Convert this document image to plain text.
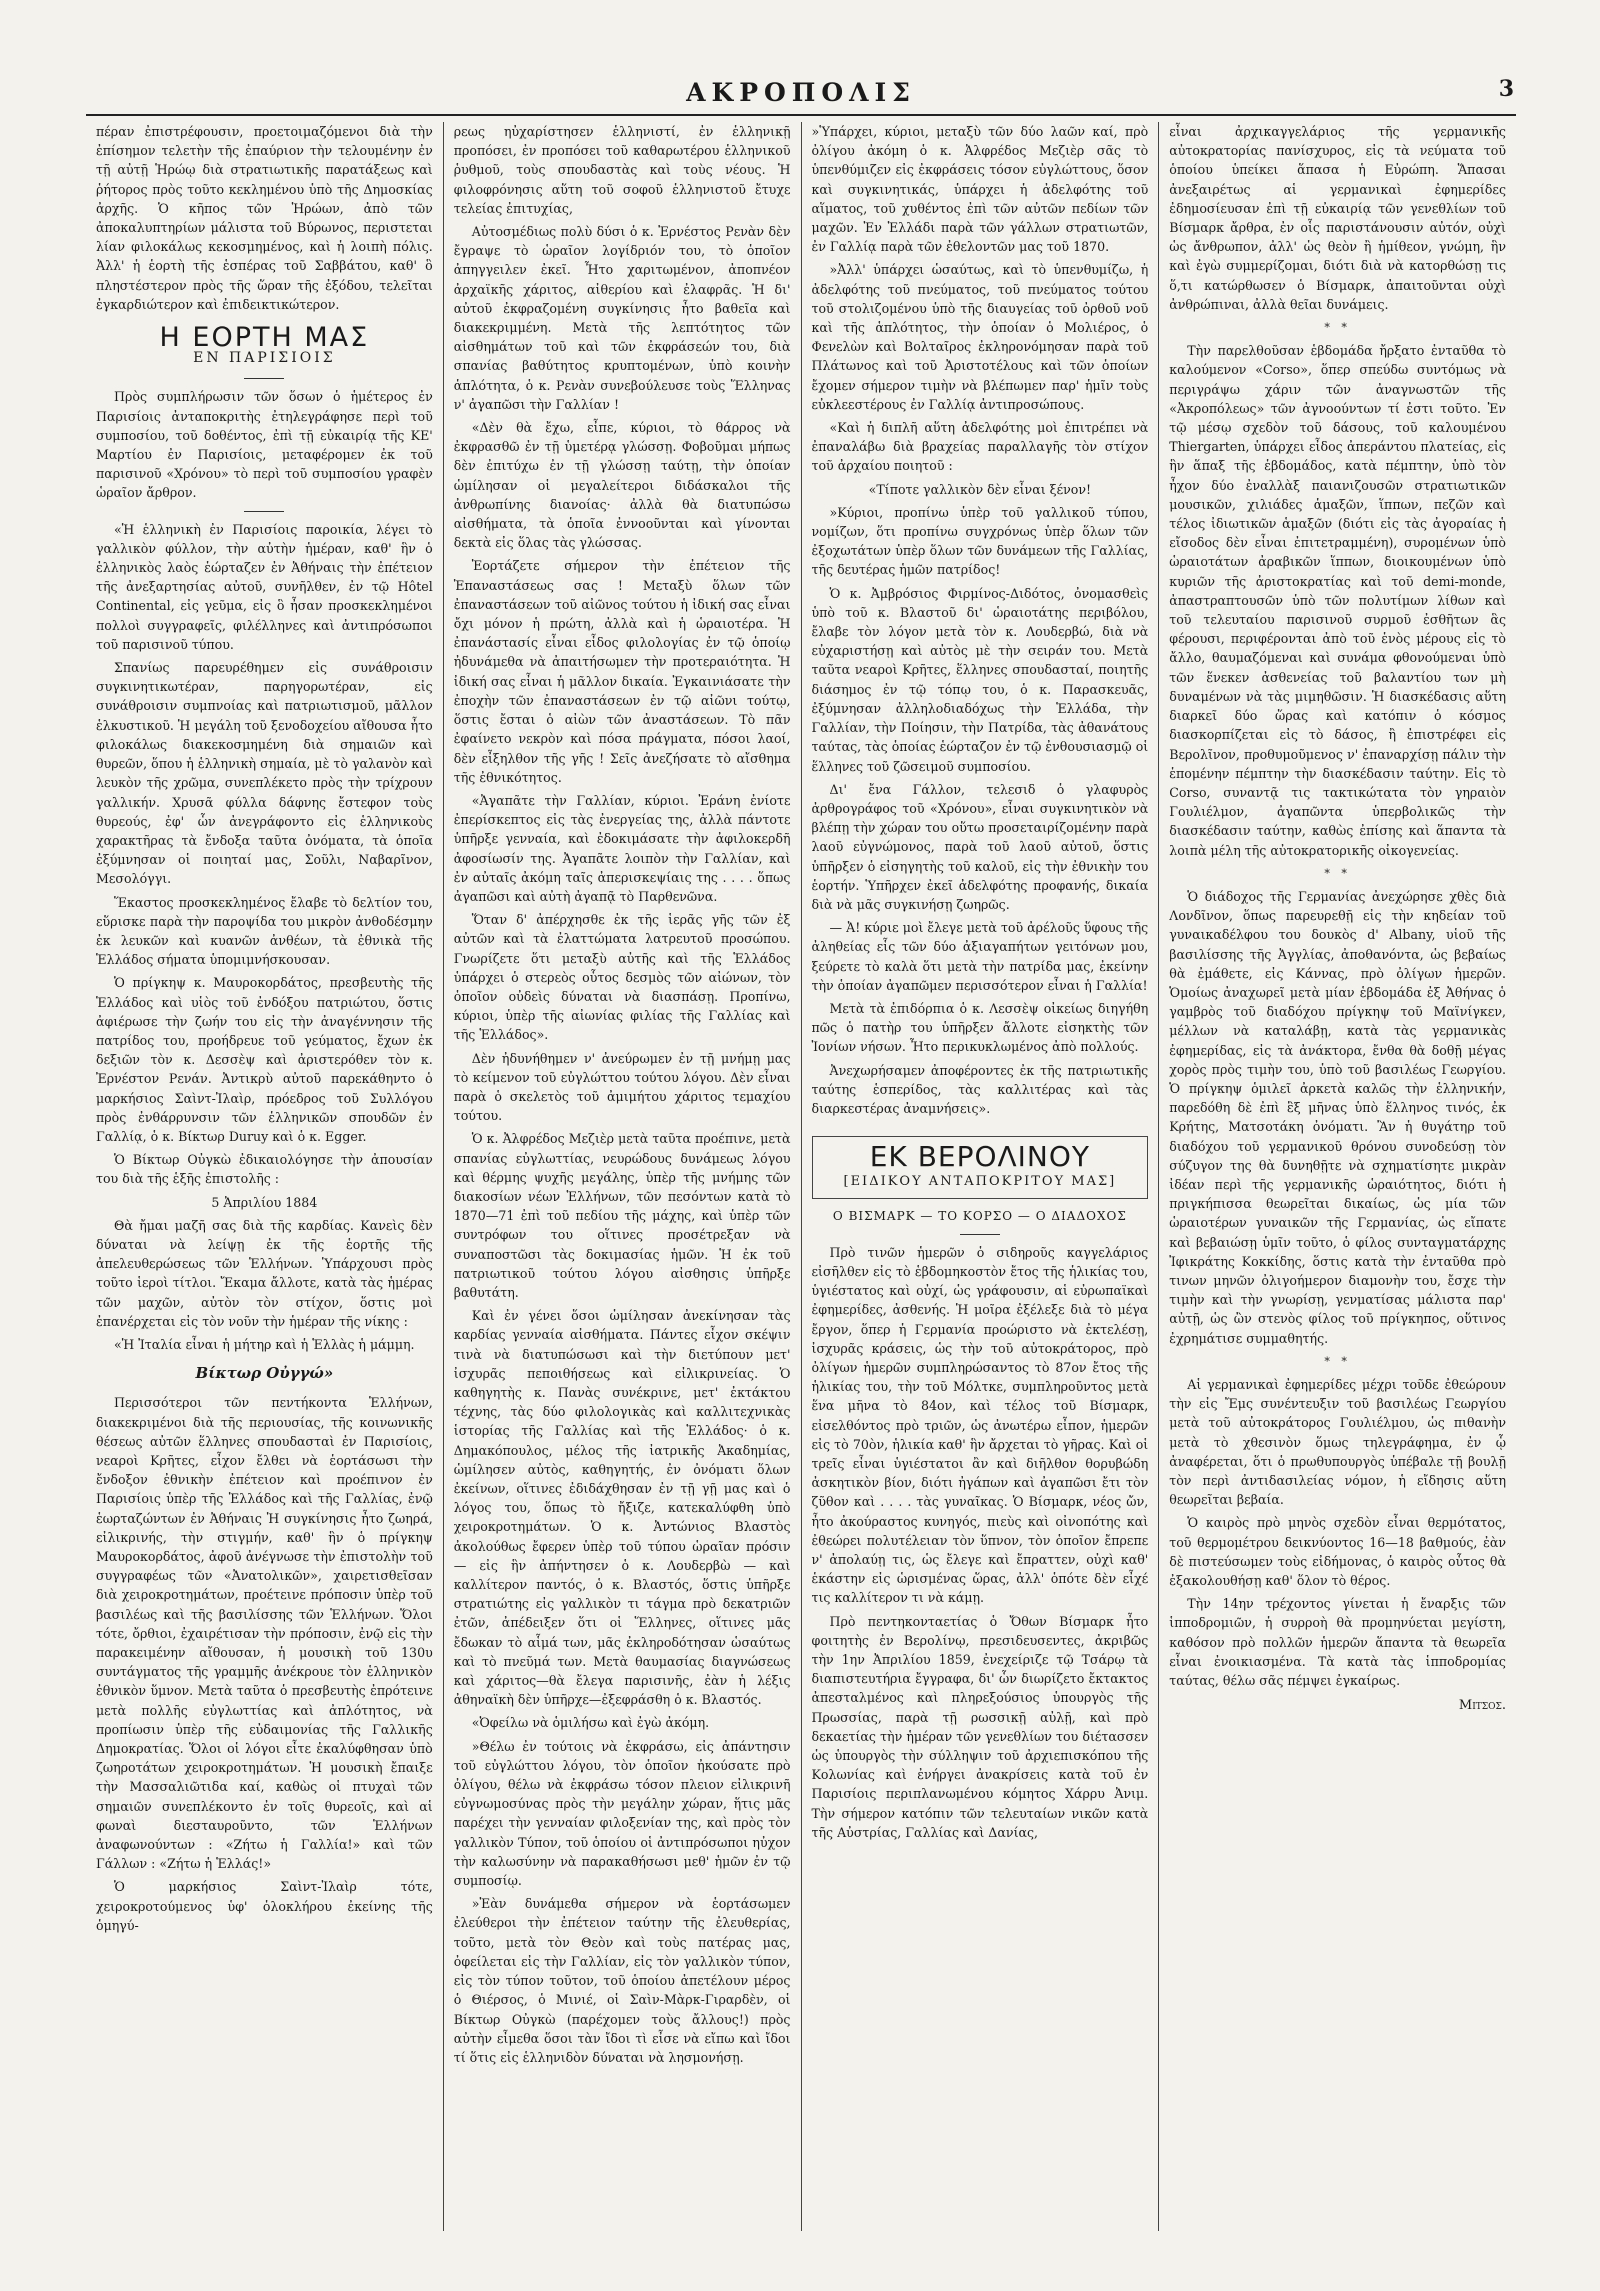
ΑΚΡΟΠΟΛΙΣ	3

πέραν ἐπιστρέφουσιν, προετοιμαζόμενοι διὰ τὴν ἐπίσημον τελετὴν τῆς ἐπαύριον τὴν τελουμένην ἐν τῇ αὐτῇ Ἡρώῳ διὰ στρατιωτικῆς παρατάξεως καὶ ῥήτορος πρὸς τοῦτο κεκλημένου ὑπὸ τῆς Δημοσκίας ἀρχῆς. Ὁ κῆπος τῶν Ἡρώων, ἀπὸ τῶν ἀποκαλυπτηρίων μάλιστα τοῦ Βύρωνος, περιστεται λίαν φιλοκάλως κεκοσμημένος, καὶ ἡ λοιπὴ πόλις. Ἀλλ' ἡ ἑορτὴ τῆς ἑσπέρας τοῦ Σαββάτου, καθ' ὃ πληστέστερον πρὸς τῆς ὥραν τῆς ἐξόδου, τελεῖται ἐγκαρδιώτερον καὶ ἐπιδεικτικώτερον.

Η ΕΟΡΤΗ ΜΑΣ
ΕΝ ΠΑΡΙΣΙΟΙΣ

Πρὸς συμπλήρωσιν τῶν ὅσων ὁ ἡμέτερος ἐν Παρισίοις ἀνταποκριτὴς ἐτηλεγράφησε περὶ τοῦ συμποσίου, τοῦ δοθέντος, ἐπὶ τῇ εὐκαιρίᾳ τῆς ΚΕ' Μαρτίου ἐν Παρισίοις, μεταφέρομεν ἐκ τοῦ παρισινοῦ «Χρόνου» τὸ περὶ τοῦ συμποσίου γραφὲν ὡραῖον ἄρθρον.

«Ἡ ἑλληνικὴ ἐν Παρισίοις παροικία, λέγει τὸ γαλλικὸν φύλλον, τὴν αὐτὴν ἡμέραν, καθ' ἣν ὁ ἑλληνικὸς λαὸς ἑώρταζεν ἐν Ἀθήναις τὴν ἐπέτειον τῆς ἀνεξαρτησίας αὐτοῦ, συνῆλθεν, ἐν τῷ Hôtel Continental, εἰς γεῦμα, εἰς ὃ ἦσαν προσκεκλημένοι πολλοὶ συγγραφεῖς, φιλέλληνες καὶ ἀντιπρόσωποι τοῦ παρισινοῦ τύπου.

Σπανίως παρευρέθημεν εἰς συνάθροισιν συγκινητικωτέραν, παρηγορωτέραν, εἰς συνάθροισιν συμπνοίας καὶ πατριωτισμοῦ, μᾶλλον ἑλκυστικοῦ. Ἡ μεγάλη τοῦ ξενοδοχείου αἴθουσα ἦτο φιλοκάλως διακεκοσμημένη διὰ σημαιῶν καὶ θυρεῶν, ὅπου ἡ ἑλληνικὴ σημαία, μὲ τὸ γαλανὸν καὶ λευκὸν τῆς χρῶμα, συνεπλέκετο πρὸς τὴν τρίχρουν γαλλικήν. Χρυσᾶ φύλλα δάφνης ἔστεφον τοὺς θυρεούς, ἐφ' ὧν ἀνεγράφοντο εἰς ἑλληνικοὺς χαρακτῆρας τὰ ἔνδοξα ταῦτα ὀνόματα, τὰ ὁποῖα ἐξύμνησαν οἱ ποιηταί μας, Σοῦλι, Ναβαρῖνον, Μεσολόγγι.

Ἕκαστος προσκεκλημένος ἔλαβε τὸ δελτίον του, εὕρισκε παρὰ τὴν παροψίδα του μικρὸν ἀνθοδέσμην ἐκ λευκῶν καὶ κυανῶν ἀνθέων, τὰ ἐθνικὰ τῆς Ἑλλάδος σήματα ὑπομιμνήσκουσαν.

Ὁ πρίγκηψ κ. Μαυροκορδάτος, πρεσβευτὴς τῆς Ἑλλάδος καὶ υἱὸς τοῦ ἐνδόξου πατριώτου, ὅστις ἀφιέρωσε τὴν ζωήν του εἰς τὴν ἀναγέννησιν τῆς πατρίδος του, προήδρευε τοῦ γεύματος, ἔχων ἐκ δεξιῶν τὸν κ. Δεσσὲψ καὶ ἀριστερόθεν τὸν κ. Ἐρνέστον Ρενάν. Ἀντικρὺ αὐτοῦ παρεκάθηντο ὁ μαρκήσιος Σαὶντ-Ἰλαὶρ, πρόεδρος τοῦ Συλλόγου πρὸς ἐνθάρρυνσιν τῶν ἑλληνικῶν σπουδῶν ἐν Γαλλίᾳ, ὁ κ. Βίκτωρ Duruy καὶ ὁ κ. Egger.

Ὁ Βίκτωρ Οὐγκὼ ἐδικαιολόγησε τὴν ἀπουσίαν του διὰ τῆς ἑξῆς ἐπιστολῆς :

5 Ἀπριλίου 1884

Θὰ ἤμαι μαζῆ σας διὰ τῆς καρδίας. Κανεὶς δὲν δύναται νὰ λείψῃ ἐκ τῆς ἑορτῆς τῆς ἀπελευθερώσεως τῶν Ἑλλήνων. Ὑπάρχουσι πρὸς τοῦτο ἱεροὶ τίτλοι. Ἔκαμα ἄλλοτε, κατὰ τὰς ἡμέρας τῶν μαχῶν, αὐτὸν τὸν στίχον, ὅστις μοὶ ἐπανέρχεται εἰς τὸν νοῦν τὴν ἡμέραν τῆς νίκης :

«Ἡ Ἰταλία εἶναι ἡ μήτηρ καὶ ἡ Ἑλλὰς ἡ μάμμη.

Βίκτωρ Οὐγγώ»

Περισσότεροι τῶν πεντήκοντα Ἑλλήνων, διακεκριμένοι διὰ τῆς περιουσίας, τῆς κοινωνικῆς θέσεως αὐτῶν ἕλληνες σπουδασταὶ ἐν Παρισίοις, νεαροὶ Κρῆτες, εἶχον ἔλθει νὰ ἑορτάσωσι τὴν ἔνδοξον ἐθνικὴν ἐπέτειον καὶ προέπινον ἐν Παρισίοις ὑπὲρ τῆς Ἑλλάδος καὶ τῆς Γαλλίας, ἐνῷ ἑωρταζώντων ἐν Ἀθήναις Ἡ συγκίνησις ἦτο ζωηρά, εἰλικρινής, τὴν στιγμήν, καθ' ἣν ὁ πρίγκηψ Μαυροκορδάτος, ἀφοῦ ἀνέγνωσε τὴν ἐπιστολὴν τοῦ συγγραφέως τῶν «Ἀνατολικῶν», χαιρετισθεῖσαν διὰ χειροκροτημάτων, προέτεινε πρόποσιν ὑπὲρ τοῦ βασιλέως καὶ τῆς βασιλίσσης τῶν Ἑλλήνων. Ὅλοι τότε, ὄρθιοι, ἐχαιρέτισαν τὴν πρόποσιν, ἐνῷ εἰς τὴν παρακειμένην αἴθουσαν, ἡ μουσικὴ τοῦ 130υ συντάγματος τῆς γραμμῆς ἀνέκρουε τὸν ἑλληνικὸν ἐθνικὸν ὕμνον. Μετὰ ταῦτα ὁ πρεσβευτὴς ἐπρότεινε μετὰ πολλῆς εὐγλωττίας καὶ ἀπλότητος, νὰ προπίωσιν ὑπὲρ τῆς εὐδαιμονίας τῆς Γαλλικῆς Δημοκρατίας. Ὅλοι οἱ λόγοι εἶτε ἐκαλύφθησαν ὑπὸ ζωηροτάτων χειροκροτημάτων. Ἡ μουσικὴ ἔπαιξε τὴν Μασσαλιῶτιδα καί, καθὼς οἱ πτυχαὶ τῶν σημαιῶν συνεπλέκοντο ἐν τοῖς θυρεοῖς, καὶ αἱ φωναὶ διεσταυροῦντο, τῶν Ἑλλήνων ἀναφωνούντων : «Ζήτω ἡ Γαλλία!» καὶ τῶν Γάλλων : «Ζήτω ἡ Ἑλλάς!»

Ὁ μαρκήσιος Σαὶντ-Ἰλαὶρ τότε, χειροκροτούμενος ὑφ' ὁλοκλήρου ἐκείνης τῆς ὁμηγύ-

ρεως ηὐχαρίστησεν ἑλληνιστί, ἐν ἑλληνικῇ προπόσει, ἐν προπόσει τοῦ καθαρωτέρου ἑλληνικοῦ ῥυθμοῦ, τοὺς σπουδαστὰς καὶ τοὺς νέους. Ἡ φιλοφρόνησις αὕτη τοῦ σοφοῦ ἑλληνιστοῦ ἔτυχε τελείας ἐπιτυχίας,

Αὐτοσμέδιως πολὺ δύσι ὁ κ. Ἐρνέστος Ρενὰν δὲν ἔγραψε τὸ ὡραῖον λογίδριόν του, τὸ ὁποῖον ἀπηγγειλεν ἐκεῖ. Ἦτο χαριτωμένον, ἀποπνέον ἀρχαϊκῆς χάριτος, αἰθερίου καὶ ἐλαφρᾶς. Ἡ δι' αὐτοῦ ἐκφραζομένη συγκίνησις ἦτο βαθεῖα καὶ διακεκριμμένη. Μετὰ τῆς λεπτότητος τῶν αἰσθημάτων τοῦ καὶ τῶν ἐκφράσεών του, διὰ σπανίας βαθύτητος κρυπτομένων, ὑπὸ κοινὴν ἁπλότητα, ὁ κ. Ρενὰν συνεβούλευσε τοὺς Ἕλληνας ν' ἀγαπῶσι τὴν Γαλλίαν !

«Δὲν θὰ ἔχω, εἶπε, κύριοι, τὸ θάρρος νὰ ἐκφρασθῶ ἐν τῇ ὑμετέρᾳ γλώσσῃ. Φοβοῦμαι μήπως δὲν ἐπιτύχω ἐν τῇ γλώσσῃ ταύτῃ, τὴν ὁποίαν ὡμίλησαν οἱ μεγαλείτεροι διδάσκαλοι τῆς ἀνθρωπίνης διανοίας· ἀλλὰ θὰ διατυπώσω αἰσθήματα, τὰ ὁποῖα ἐννοοῦνται καὶ γίνονται δεκτὰ εἰς ὅλας τὰς γλώσσας.

Ἑορτάζετε σήμερον τὴν ἐπέτειον τῆς Ἐπαναστάσεως σας ! Μεταξὺ ὅλων τῶν ἐπαναστάσεων τοῦ αἰῶνος τούτου ἡ ἰδική σας εἶναι ὄχι μόνον ἡ πρώτη, ἀλλὰ καὶ ἡ ὡραιοτέρα. Ἡ ἐπανάστασίς εἶναι εἶδος φιλολογίας ἐν τῷ ὁποίῳ ἠδυνάμεθα νὰ ἀπαιτήσωμεν τὴν προτεραιότητα. Ἡ ἰδική σας εἶναι ἡ μᾶλλον δικαία. Ἐγκαινιάσατε τὴν ἐποχὴν τῶν ἐπαναστάσεων ἐν τῷ αἰῶνι τούτῳ, ὅστις ἔσται ὁ αἰὼν τῶν ἀναστάσεων. Τὸ πᾶν ἐφαίνετο νεκρὸν καὶ πόσα πράγματα, πόσοι λαοί, δὲν εἶξηλθον τῆς γῆς ! Σεῖς ἀνεζήσατε τὸ αἴσθημα τῆς ἐθνικότητος.

«Ἀγαπᾶτε τὴν Γαλλίαν, κύριοι. Ἐράνη ἐνίοτε ἐπερίσκεπτος εἰς τὰς ἐνεργείας της, ἀλλὰ πάντοτε ὑπῆρξε γενναία, καὶ ἐδοκιμάσατε τὴν ἀφιλοκερδῆ ἀφοσίωσίν της. Ἀγαπᾶτε λοιπὸν τὴν Γαλλίαν, καὶ ἐν αὐταῖς ἀκόμη ταῖς ἀπερισκεψίαις της . . . . ὅπως ἀγαπῶσι καὶ αὐτὴ ἀγαπᾷ τὸ Παρθενῶνα.

Ὅταν δ' ἀπέρχησθε ἐκ τῆς ἱερᾶς γῆς τῶν ἐξ αὐτῶν καὶ τὰ ἐλαττώματα λατρευτοῦ προσώπου. Γνωρίζετε ὅτι μεταξὺ αὐτῆς καὶ τῆς Ἑλλάδος ὑπάρχει ὁ στερεὸς οὗτος δεσμὸς τῶν αἰώνων, τὸν ὁποῖον οὐδεὶς δύναται νὰ διασπάσῃ. Προπίνω, κύριοι, ὑπὲρ τῆς αἰωνίας φιλίας τῆς Γαλλίας καὶ τῆς Ἑλλάδος».

Δὲν ἠδυνήθημεν ν' ἀνεύρωμεν ἐν τῇ μνήμῃ μας τὸ κείμενον τοῦ εὐγλώττου τούτου λόγου. Δὲν εἶναι παρὰ ὁ σκελετὸς τοῦ ἀμιμήτου χάριτος τεμαχίου τούτου.

Ὁ κ. Ἀλφρέδος Μεζιὲρ μετὰ ταῦτα προέπινε, μετὰ σπανίας εὐγλωττίας, νευρώδους δυνάμεως λόγου καὶ θέρμης ψυχῆς μεγάλης, ὑπὲρ τῆς μνήμης τῶν διακοσίων νέων Ἑλλήνων, τῶν πεσόντων κατὰ τὸ 1870—71 ἐπὶ τοῦ πεδίου τῆς μάχης, καὶ ὑπὲρ τῶν συντρόφων του οἵτινες προσέτρεξαν νὰ συναποστῶσι τὰς δοκιμασίας ἡμῶν. Ἡ ἐκ τοῦ πατριωτικοῦ τούτου λόγου αἰσθησις ὑπῆρξε βαθυτάτη.

Καὶ ἐν γένει ὅσοι ὡμίλησαν ἀνεκίνησαν τὰς καρδίας γενναία αἰσθήματα. Πάντες εἶχον σκέψιν τινὰ νὰ διατυπώσωσι καὶ τὴν διετύπουν μετ' ἰσχυρᾶς πεποιθήσεως καὶ εἰλικρινείας. Ὁ καθηγητὴς κ. Πανὰς συνέκρινε, μετ' ἐκτάκτου τέχνης, τὰς δύο φιλολογικὰς καὶ καλλιτεχνικὰς ἱστορίας τῆς Γαλλίας καὶ τῆς Ἑλλάδος· ὁ κ. Δημακόπουλος, μέλος τῆς ἰατρικῆς Ἀκαδημίας, ὡμίλησεν αὐτὸς, καθηγητής, ἐν ὀνόματι ὅλων ἐκείνων, οἵτινες ἐδιδάχθησαν ἐν τῇ γῇ μας καὶ ὁ λόγος του, ὅπως τὸ ἤξιζε, κατεκαλύφθη ὑπὸ χειροκροτημάτων. Ὁ κ. Ἀντώνιος Βλαστὸς ἀκολούθως ἔφερεν ὑπὲρ τοῦ τύπου ὡραῖαν πρόσιν — εἰς ἣν ἀπήντησεν ὁ κ. Λουδερβὼ — καὶ καλλίτερον παντός, ὁ κ. Βλαστός, ὅστις ὑπῆρξε στρατιώτης εἰς γαλλικὸν τι τάγμα πρὸ δεκατριῶν ἐτῶν, ἀπέδειξεν ὅτι οἱ Ἕλληνες, οἵτινες μᾶς ἔδωκαν τὸ αἷμά των, μᾶς ἐκληροδότησαν ὡσαύτως καὶ τὸ πνεῦμά των. Μετὰ θαυμασίας διαγνώσεως καὶ χάριτος—θὰ ἔλεγα παρισινῆς, ἐὰν ἡ λέξις ἀθηναϊκὴ δὲν ὑπῆρχε—ἐξεφράσθη ὁ κ. Βλαστός.

«Ὀφείλω νὰ ὁμιλήσω καὶ ἐγὼ ἀκόμη.

»Θέλω ἐν τούτοις νὰ ἐκφράσω, εἰς ἀπάντησιν τοῦ εὐγλώττου λόγου, τὸν ὁποῖον ἠκούσατε πρὸ ὀλίγου, θέλω νὰ ἐκφράσω τόσον πλειον εἰλικρινῆ εὐγνωμοσύνας πρὸς τὴν μεγάλην χώραν, ἥτις μᾶς παρέχει τὴν γενναίαν φιλοξενίαν της, καὶ πρὸς τὸν γαλλικὸν Τύπον, τοῦ ὁποίου οἱ ἀντιπρόσωποι ηὐχον τὴν καλωσύνην νὰ παρακαθήσωσι μεθ' ἡμῶν ἐν τῷ συμποσίῳ.

»Ἐὰν δυνάμεθα σήμερον νὰ ἑορτάσωμεν ἐλεύθεροι τὴν ἐπέτειον ταύτην τῆς ἐλευθερίας, τοῦτο, μετὰ τὸν Θεὸν καὶ τοὺς πατέρας μας, ὀφείλεται εἰς τὴν Γαλλίαν, εἰς τὸν γαλλικὸν τύπον, εἰς τὸν τύπον τοῦτον, τοῦ ὁποίου ἀπετέλουν μέρος ὁ Θιέρσος, ὁ Μινιέ, οἱ Σαὶν-Μὰρκ-Γιραρδὲν, οἱ Βίκτωρ Οὐγκὼ (παρέχομεν τοὺς ἄλλους!) πρὸς αὐτὴν εἶμεθα ὅσοι τὰν ἴδοι τὶ εἶσε νὰ εἴπω καὶ ἴδοι τί ὅτις εἰς ἑλληνιδὸν δύναται νὰ λησμονήσῃ.

»Ὑπάρχει, κύριοι, μεταξὺ τῶν δύο λαῶν καί, πρὸ ὀλίγου ἀκόμη ὁ κ. Ἀλφρέδος Μεζιὲρ σᾶς τὸ ὑπενθύμιζεν εἰς ἐκφράσεις τόσον εὐγλώττους, ὅσον καὶ συγκινητικάς, ὑπάρχει ἡ ἀδελφότης τοῦ αἵματος, τοῦ χυθέντος ἐπὶ τῶν αὐτῶν πεδίων τῶν μαχῶν. Ἐν Ἑλλάδι παρὰ τῶν γάλλων στρατιωτῶν, ἐν Γαλλίᾳ παρὰ τῶν ἐθελοντῶν μας τοῦ 1870.

»Ἀλλ' ὑπάρχει ὡσαύτως, καὶ τὸ ὑπενθυμίζω, ἡ ἀδελφότης τοῦ πνεύματος, τοῦ πνεύματος τούτου τοῦ στολιζομένου ὑπὸ τῆς διαυγείας τοῦ ὀρθοῦ νοῦ καὶ τῆς ἁπλότητος, τὴν ὁποίαν ὁ Μολιέρος, ὁ Φενελὼν καὶ Βολταῖρος ἐκληρονόμησαν παρὰ τοῦ Πλάτωνος καὶ τοῦ Ἀριστοτέλους καὶ τῶν ὁποίων ἔχομεν σήμερον τιμὴν νὰ βλέπωμεν παρ' ἡμῖν τοὺς εὐκλεεστέρους ἐν Γαλλίᾳ ἀντιπροσώπους.

«Καὶ ἡ διπλῆ αὕτη ἀδελφότης μοὶ ἐπιτρέπει νὰ ἐπαναλάβω διὰ βραχείας παραλλαγῆς τὸν στίχον τοῦ ἀρχαίου ποιητοῦ :

«Τίποτε γαλλικὸν δὲν εἶναι ξένον!

»Κύριοι, προπίνω ὑπὲρ τοῦ γαλλικοῦ τύπου, νομίζων, ὅτι προπίνω συγχρόνως ὑπὲρ ὅλων τῶν ἐξοχωτάτων ὑπὲρ ὅλων τῶν δυνάμεων τῆς Γαλλίας, τῆς δευτέρας ἡμῶν πατρίδος!

Ὁ κ. Ἀμβρόσιος Φιρμίνος-Διδότος, ὀνομασθεὶς ὑπὸ τοῦ κ. Βλαστοῦ δι' ὡραιοτάτης περιβόλου, ἔλαβε τὸν λόγον μετὰ τὸν κ. Λουδερβώ, διὰ νὰ εὐχαριστήσῃ καὶ αὐτὸς μὲ τὴν σειράν του. Μετὰ ταῦτα νεαροὶ Κρῆτες, ἕλληνες σπουδασταί, ποιητῆς διάσημος ἐν τῷ τόπῳ του, ὁ κ. Παρασκευᾶς, ἐξύμνησαν ἀλληλοδιαδόχως τὴν Ἑλλάδα, τὴν Γαλλίαν, τὴν Ποίησιν, τὴν Πατρίδα, τὰς ἀθανάτους ταύτας, τὰς ὁποίας ἑώρταζον ἐν τῷ ἐνθουσιασμῷ οἱ ἕλληνες τοῦ ζῶσειμοῦ συμποσίου.

Δι' ἔνα Γάλλον, τελεσιδ ὁ γλαφυρὸς ἀρθρογράφος τοῦ «Χρόνου», εἶναι συγκινητικὸν νὰ βλέπῃ τὴν χώραν του οὕτω προσεταιρίζομένην παρὰ λαοῦ εὐγνώμονος, παρὰ τοῦ λαοῦ αὐτοῦ, ὅστις ὑπῆρξεν ὁ εἰσηγητὴς τοῦ καλοῦ, εἰς τὴν ἐθνικὴν του ἑορτήν. Ὑπῆρχεν ἐκεῖ ἀδελφότης προφανής, δικαία διὰ νὰ μᾶς συγκινήσῃ ζωηρῶς.

— Ἀ! κύριε μοὶ ἔλεγε μετὰ τοῦ ἀρέλοῦς ὕφους τῆς ἀληθείας εἷς τῶν δύο ἀξιαγαπήτων γειτόνων μου, ξεύρετε τὸ καλὰ ὅτι μετὰ τὴν πατρίδα μας, ἐκείνην τὴν ὁποίαν ἀγαπῶμεν περισσότερον εἶναι ἡ Γαλλία!

Μετὰ τὰ ἐπιδόρπια ὁ κ. Λεσσὲψ οἰκείως διηγήθη πῶς ὁ πατὴρ του ὑπῆρξεν ἄλλοτε εἰσηκτὴς τῶν Ἰονίων νήσων. Ἦτο περικυκλωμένος ἀπὸ πολλούς.

Ἀνεχωρήσαμεν ἀποφέροντες ἐκ τῆς πατριωτικῆς ταύτης ἑσπερίδος, τὰς καλλιτέρας καὶ τὰς διαρκεστέρας ἀναμνήσεις».

ΕΚ ΒΕΡΟΛΙΝΟΥ
[ΕΙΔΙΚΟΥ ΑΝΤΑΠΟΚΡΙΤΟΥ ΜΑΣ]
Ο ΒΙΣΜΑΡΚ — ΤΟ ΚΟΡΣΟ — Ο ΔΙΑΔΟΧΟΣ

Πρὸ τινῶν ἡμερῶν ὁ σιδηροῦς καγγελάριος εἰσῆλθεν εἰς τὸ ἑβδομηκοστὸν ἔτος τῆς ἡλικίας του, ὑγιέστατος καὶ οὐχί, ὡς γράφουσιν, αἱ εὐρωπαϊκαὶ ἐφημερίδες, ἀσθενής. Ἡ μοῖρα ἐξέλεξε διὰ τὸ μέγα ἔργον, ὅπερ ἡ Γερμανία προώριστο νὰ ἐκτελέσῃ, ἰσχυρᾶς κράσεις, ὡς τὴν τοῦ αὐτοκράτορος, πρὸ ὀλίγων ἡμερῶν συμπληρώσαντος τὸ 87ον ἔτος τῆς ἡλικίας του, τὴν τοῦ Μόλτκε, συμπληροῦντος μετὰ ἕνα μῆνα τὸ 84ον, καὶ τέλος τοῦ Βίσμαρκ, εἰσελθόντος πρὸ τριῶν, ὡς ἀνωτέρω εἶπον, ἡμερῶν εἰς τὸ 70ὸν, ἡλικία καθ' ἣν ἄρχεται τὸ γῆρας. Καὶ οἱ τρεῖς εἶναι ὑγιέστατοι ἂν καὶ διῆλθον θορυβώδη ἀσκητικὸν βίον, διότι ἠγάπων καὶ ἀγαπῶσι ἔτι τὸν ζῦθον καὶ . . . . τὰς γυναῖκας. Ὁ Βίσμαρκ, νέος ὤν, ἦτο ἀκούραστος κυνηγός, πιεὺς καὶ οἰνοπότης καὶ ἐθεώρει πολυτέλειαν τὸν ὕπνον, τὸν ὁποῖον ἔπρεπε ν' ἀπολαύῃ τις, ὡς ἔλεγε καὶ ἔπραττεν, οὐχὶ καθ' ἑκάστην εἰς ὡρισμένας ὥρας, ἀλλ' ὁπότε δὲν εἶχέ τις καλλίτερον τι νὰ κάμῃ.

Πρὸ πεντηκονταετίας ὁ Ὄθων Βίσμαρκ ἦτο φοιτητὴς ἐν Βερολίνῳ, πρεσιδευσεντες, ἀκριβῶς τὴν 1ην Ἀπριλίου 1859, ἐνεχείριζε τῷ Τσάρῳ τὰ διαπιστευτήρια ἔγγραφα, δι' ὧν διωρίζετο ἔκτακτος ἀπεσταλμένος καὶ πληρεξούσιος ὑπουργὸς τῆς Πρωσσίας, παρὰ τῇ ρωσσικῇ αὐλῇ, καὶ πρὸ δεκαετίας τὴν ἡμέραν τῶν γενεθλίων του διέτασσεν ὡς ὑπουργὸς τὴν σύλληψιν τοῦ ἀρχιεπισκόπου τῆς Κολωνίας καὶ ἐνήργει ἀνακρίσεις κατὰ τοῦ ἐν Παρισίοις περιπλανωμένου κόμητος Χάρρυ Ἀνιμ. Τὴν σήμερον κατόπιν τῶν τελευταίων νικῶν κατὰ τῆς Αὐστρίας, Γαλλίας καὶ Δανίας,

εἶναι ἀρχικαγγελάριος τῆς γερμανικῆς αὐτοκρατορίας πανίσχυρος, εἰς τὰ νεύματα τοῦ ὁποίου ὑπείκει ἅπασα ἡ Εὐρώπη. Ἅπασαι ἀνεξαιρέτως αἱ γερμανικαὶ ἐφημερίδες ἐδημοσίευσαν ἐπὶ τῇ εὐκαιρίᾳ τῶν γενεθλίων τοῦ Βίσμαρκ ἄρθρα, ἐν οἷς παριστάνουσιν αὐτόν, οὐχὶ ὡς ἄνθρωπον, ἀλλ' ὡς θεὸν ἢ ἡμίθεον, γνώμη, ἣν καὶ ἐγὼ συμμερίζομαι, διότι διὰ νὰ κατορθώσῃ τις ὅ,τι κατώρθωσεν ὁ Βίσμαρκ, ἀπαιτοῦνται οὐχὶ ἀνθρώπιναι, ἀλλὰ θεῖαι δυνάμεις.

* *

Τὴν παρελθοῦσαν ἑβδομάδα ἤρξατο ἐνταῦθα τὸ καλούμενον «Corso», ὅπερ σπεύδω συντόμως νὰ περιγράψω χάριν τῶν ἀναγνωστῶν τῆς «Ἀκροπόλεως» τῶν ἀγνοούντων τί ἐστι τοῦτο. Ἐν τῷ μέσῳ σχεδὸν τοῦ δάσους, τοῦ καλουμένου Thiergarten, ὑπάρχει εἶδος ἀπεράντου πλατείας, εἰς ἣν ἅπαξ τῆς ἑβδομάδος, κατὰ πέμπτην, ὑπὸ τὸν ἦχον δύο ἐναλλὰξ παιανιζουσῶν στρατιωτικῶν μουσικῶν, χιλιάδες ἁμαξῶν, ἵππων, πεζῶν καὶ τέλος ἰδιωτικῶν ἁμαξῶν (διότι εἰς τὰς ἀγοραίας ἡ εἴσοδος δὲν εἶναι ἐπιτετραμμένη), συρομένων ὑπὸ ὡραιοτάτων ἀραβικῶν ἵππων, διοικουμένων ὑπὸ κυριῶν τῆς ἀριστοκρατίας καὶ τοῦ demi-monde, ἀπαστραπτουσῶν ὑπὸ τῶν πολυτίμων λίθων καὶ τοῦ τελευταίου παρισινοῦ συρμοῦ ἐσθῆτων ἃς φέρουσι, περιφέρονται ἀπὸ τοῦ ἑνὸς μέρους εἰς τὸ ἄλλο, θαυμαζόμεναι καὶ συνάμα φθονούμεναι ὑπὸ τῶν ἕνεκεν ἀσθενείας τοῦ βαλαντίου των μὴ δυναμένων νὰ τὰς μιμηθῶσιν. Ἡ διασκέδασις αὕτη διαρκεῖ δύο ὥρας καὶ κατόπιν ὁ κόσμος διασκορπίζεται εἰς τὸ δάσος, ἢ ἐπιστρέφει εἰς Βερολῖνον, προθυμοῦμενος ν' ἐπαναρχίσῃ πάλιν τὴν ἑπομένην πέμπτην τὴν διασκέδασιν ταύτην. Εἰς τὸ Corso, συναντᾷ τις τακτικώτατα τὸν γηραιὸν Γουλιέλμον, ἀγαπῶντα ὑπερβολικῶς τὴν διασκέδασιν ταύτην, καθὼς ἐπίσης καὶ ἅπαντα τὰ λοιπὰ μέλη τῆς αὐτοκρατορικῆς οἰκογενείας.

* *

Ὁ διάδοχος τῆς Γερμανίας ἀνεχώρησε χθὲς διὰ Λονδῖνον, ὅπως παρευρεθῇ εἰς τὴν κηδείαν τοῦ γυναικαδέλφου του δουκὸς d' Albany, υἱοῦ τῆς βασιλίσσης τῆς Ἀγγλίας, ἀποθανόντα, ὡς βεβαίως θὰ ἐμάθετε, εἰς Κάννας, πρὸ ὀλίγων ἡμερῶν. Ὁμοίως ἀναχωρεῖ μετὰ μίαν ἑβδομάδα ἐξ Ἀθήνας ὁ γαμβρὸς τοῦ διαδόχου πρίγκηψ τοῦ Μαϊνίγκεν, μέλλων νὰ καταλάβῃ, κατὰ τὰς γερμανικὰς ἐφημερίδας, εἰς τὰ ἀνάκτορα, ἔνθα θὰ δοθῇ μέγας χορὸς πρὸς τιμὴν του, ὑπὸ τοῦ βασιλέως Γεωργίου. Ὁ πρίγκηψ ὁμιλεῖ ἀρκετὰ καλῶς τὴν ἑλληνικήν, παρεδόθη δὲ ἐπὶ ἓξ μῆνας ὑπὸ ἕλληνος τινός, ἐκ Κρήτης, Ματσοτάκη ὀνόματι. Ἂν ἡ θυγάτηρ τοῦ διαδόχου τοῦ γερμανικοῦ θρόνου συνοδεύσῃ τὸν σύζυγον της θὰ δυνηθῇτε νὰ σχηματίσητε μικρὰν ἰδέαν περὶ τῆς γερμανικῆς ὡραιότητος, διότι ἡ πριγκήπισσα θεωρεῖται δικαίως, ὡς μία τῶν ὡραιοτέρων γυναικῶν τῆς Γερμανίας, ὡς εἴπατε καὶ βεβαιώσῃ ὑμῖν τοῦτο, ὁ φίλος συνταγματάρχης Ἰφικράτης Κοκκίδης, ὅστις κατὰ τὴν ἐνταῦθα πρὸ τινων μηνῶν ὀλιγοήμερον διαμονὴν του, ἔσχε τὴν τιμὴν καὶ τὴν γνωρίσῃ, γενματίσας μάλιστα παρ' αὐτῇ, ὡς ὢν στενὸς φίλος τοῦ πρίγκηπος, οὕτινος ἐχρημάτισε συμμαθητής.

* *

Αἱ γερμανικαὶ ἐφημερίδες μέχρι τοῦδε ἐθεώρουν τὴν εἰς Ἔμς συνέντευξιν τοῦ βασιλέως Γεωργίου μετὰ τοῦ αὐτοκράτορος Γουλιέλμου, ὡς πιθανὴν μετὰ τὸ χθεσινὸν ὅμως τηλεγράφημα, ἐν ᾧ ἀναφέρεται, ὅτι ὁ πρωθυπουργὸς ὑπέβαλε τῇ βουλῇ τὸν περὶ ἀντιδασιλείας νόμον, ἡ εἴδησις αὕτη θεωρεῖται βεβαία.

Ὁ καιρὸς πρὸ μηνὸς σχεδὸν εἶναι θερμότατος, τοῦ θερμομέτρου δεικνύοντος 16—18 βαθμούς, ἐὰν δὲ πιστεύσωμεν τοὺς εἰδήμονας, ὁ καιρὸς οὗτος θὰ ἐξακολουθήσῃ καθ' ὅλον τὸ θέρος.

Τὴν 14ην τρέχοντος γίνεται ἡ ἔναρξις τῶν ἱπποδρομιῶν, ἡ συρροὴ θὰ προμηνύεται μεγίστη, καθόσον πρὸ πολλῶν ἡμερῶν ἅπαντα τὰ θεωρεῖα εἶναι ἐνοικιασμένα. Τὰ κατὰ τὰς ἱπποδρομίας ταύτας, θέλω σᾶς πέμψει ἐγκαίρως.

Μιτσος.
